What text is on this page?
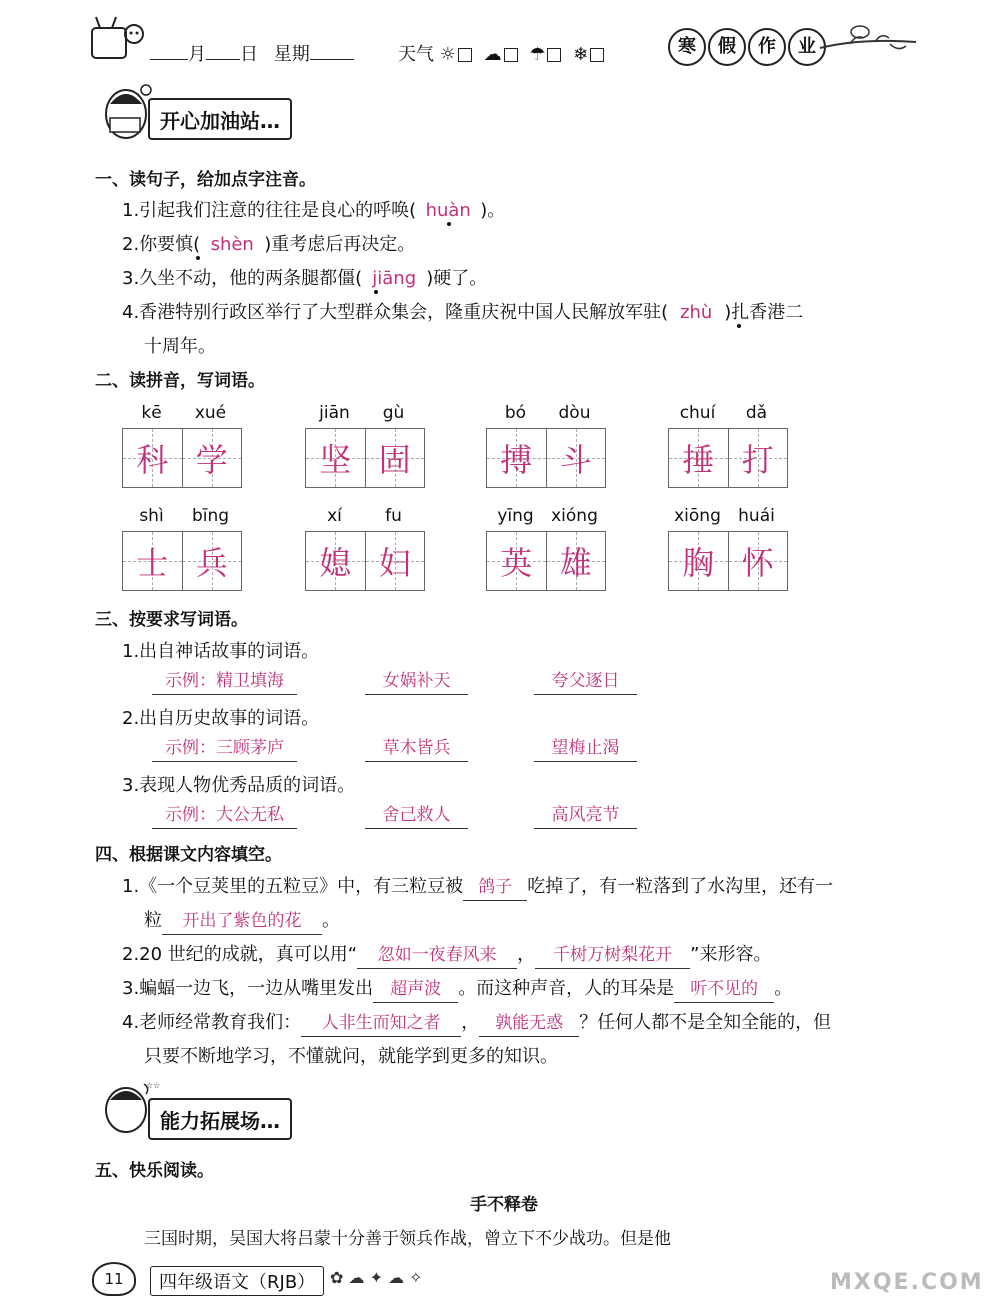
月 日 星期	天气 ☼ ☁ ☂ ❄	寒	假	作	业
开心加油站…
一、读句子，给加点字注音。
1.引起我们注意的往往是良心的呼唤( huàn )。
2.你要慎( shèn )重考虑后再决定。
3.久坐不动，他的两条腿都僵( jiāng )硬了。
4.香港特别行政区举行了大型群众集会，隆重庆祝中国人民解放军驻( zhù )扎香港二
十周年。
二、读拼音，写词语。
kē	xué
科 学
jiān	gù
坚 固
bó	dòu
搏 斗
chuí	dǎ
捶 打
shì	bīng
士 兵
xí	fu
媳 妇
yīng	xióng
英 雄
xiōng	huái
胸 怀
三、按要求写词语。
1.出自神话故事的词语。
示例：精卫填海	女娲补天	夸父逐日
2.出自历史故事的词语。
示例：三顾茅庐	草木皆兵	望梅止渴
3.表现人物优秀品质的词语。
示例：大公无私	舍己救人	高风亮节
四、根据课文内容填空。
1.《一个豆荚里的五粒豆》中，有三粒豆被 鸽子 吃掉了，有一粒落到了水沟里，还有一
粒 开出了紫色的花 。
2.20 世纪的成就，真可以用“ 忽如一夜春风来 ， 千树万树梨花开 ”来形容。
3.蝙蝠一边飞，一边从嘴里发出 超声波 。而这种声音，人的耳朵是 听不见的 。
4.老师经常教育我们： 人非生而知之者 ， 孰能无惑 ？任何人都不是全知全能的，但
只要不断地学习，不懂就问，就能学到更多的知识。
☆☆
能力拓展场…
五、快乐阅读。
手不释卷
三国时期，吴国大将吕蒙十分善于领兵作战，曾立下不少战功。但是他
11	四年级语文（RJB） ✿ ☁ ✦ ☁ ✧	MXQE.COM
